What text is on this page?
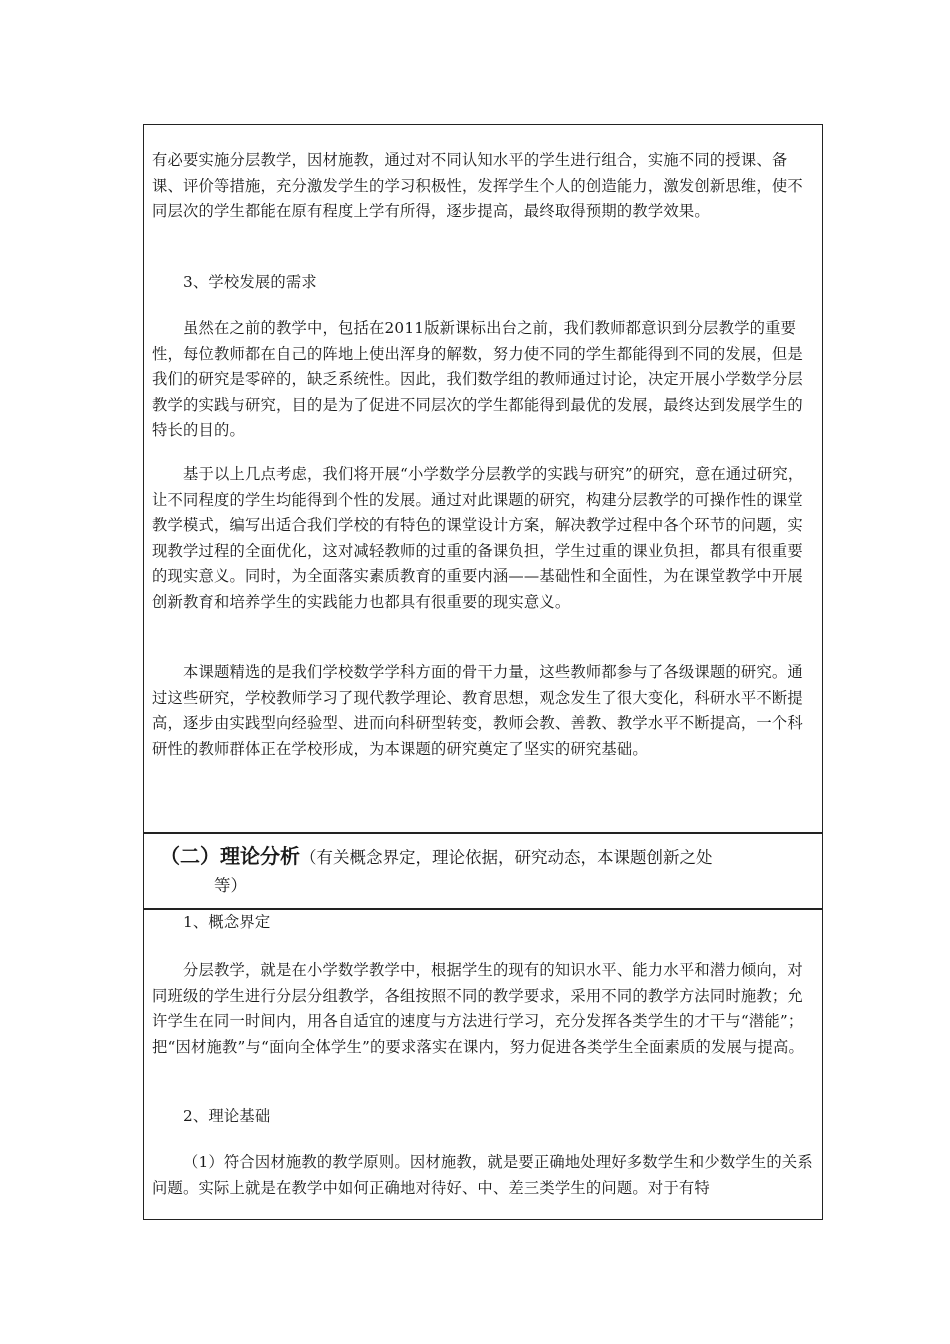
有必要实施分层教学，因材施教，通过对不同认知水平的学生进行组合，实施不同的授课、备课、评价等措施，充分激发学生的学习积极性，发挥学生个人的创造能力，激发创新思维，使不同层次的学生都能在原有程度上学有所得，逐步提高，最终取得预期的教学效果。

3、学校发展的需求

虽然在之前的教学中，包括在2011版新课标出台之前，我们教师都意识到分层教学的重要性，每位教师都在自己的阵地上使出浑身的解数，努力使不同的学生都能得到不同的发展，但是我们的研究是零碎的，缺乏系统性。因此，我们数学组的教师通过讨论，决定开展小学数学分层教学的实践与研究，目的是为了促进不同层次的学生都能得到最优的发展，最终达到发展学生的特长的目的。

基于以上几点考虑，我们将开展“小学数学分层教学的实践与研究”的研究，意在通过研究，让不同程度的学生均能得到个性的发展。通过对此课题的研究，构建分层教学的可操作性的课堂教学模式，编写出适合我们学校的有特色的课堂设计方案，解决教学过程中各个环节的问题，实现教学过程的全面优化，这对减轻教师的过重的备课负担，学生过重的课业负担，都具有很重要的现实意义。同时，为全面落实素质教育的重要内涵——基础性和全面性，为在课堂教学中开展创新教育和培养学生的实践能力也都具有很重要的现实意义。

本课题精选的是我们学校数学学科方面的骨干力量，这些教师都参与了各级课题的研究。通过这些研究，学校教师学习了现代教学理论、教育思想，观念发生了很大变化，科研水平不断提高，逐步由实践型向经验型、进而向科研型转变，教师会教、善教、教学水平不断提高，一个科研性的教师群体正在学校形成，为本课题的研究奠定了坚实的研究基础。

（二）理论分析（有关概念界定，理论依据，研究动态，本课题创新之处
等）

1、概念界定

分层教学，就是在小学数学教学中，根据学生的现有的知识水平、能力水平和潜力倾向，对同班级的学生进行分层分组教学，各组按照不同的教学要求，采用不同的教学方法同时施教；允许学生在同一时间内，用各自适宜的速度与方法进行学习，充分发挥各类学生的才干与“潜能”；把“因材施教”与“面向全体学生”的要求落实在课内，努力促进各类学生全面素质的发展与提高。

2、理论基础

（1）符合因材施教的教学原则。因材施教，就是要正确地处理好多数学生和少数学生的关系问题。实际上就是在教学中如何正确地对待好、中、差三类学生的问题。对于有特
